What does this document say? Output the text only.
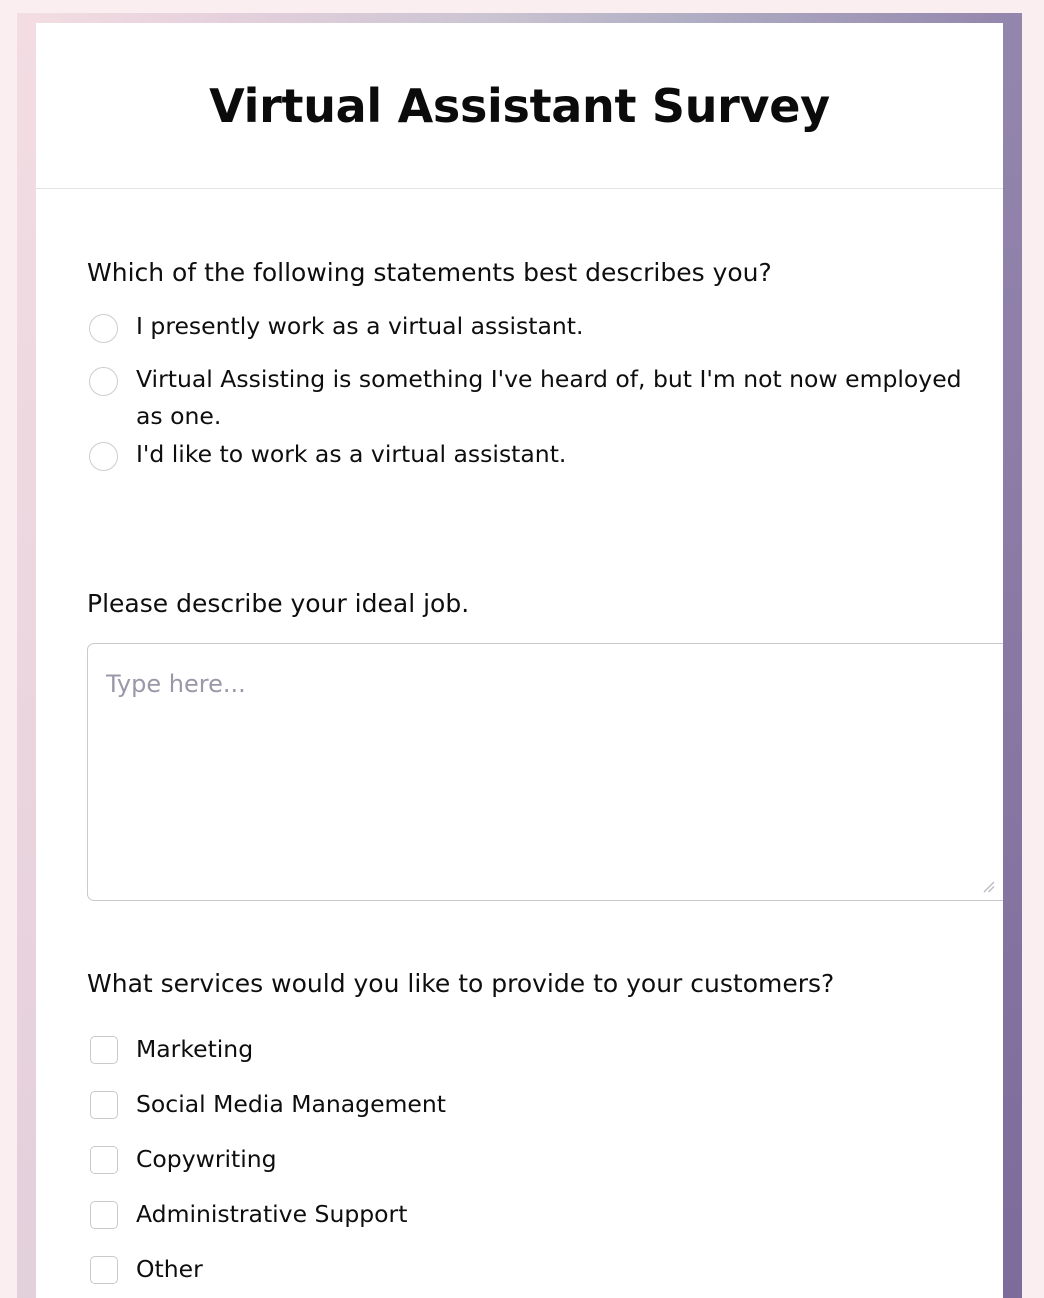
Virtual Assistant Survey
Which of the following statements best describes you?
I presently work as a virtual assistant.
Virtual Assisting is something I've heard of, but I'm not now employed as one.
I'd like to work as a virtual assistant.
Please describe your ideal job.
Type here...
What services would you like to provide to your customers?
Marketing
Social Media Management
Copywriting
Administrative Support
Other
